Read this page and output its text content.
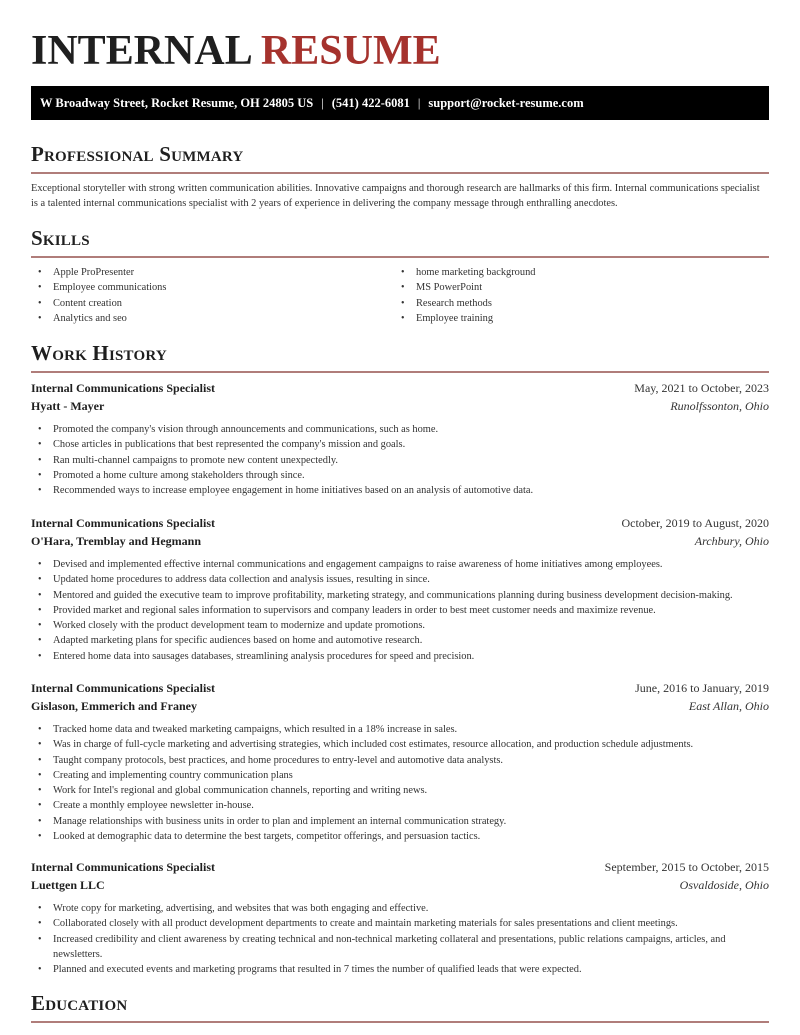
INTERNAL RESUME
W Broadway Street, Rocket Resume, OH 24805 US | (541) 422-6081 | support@rocket-resume.com
Professional Summary

Exceptional storyteller with strong written communication abilities. Innovative campaigns and thorough research are hallmarks of this firm. Internal communications specialist is a talented internal communications specialist with 2 years of experience in delivering the company message through enthralling anecdotes.

Skills
• Apple ProPresenter
• Employee communications
• Content creation
• Analytics and seo
• home marketing background
• MS PowerPoint
• Research methods
• Employee training
Work History
Internal Communications Specialist	May, 2021 to October, 2023
Hyatt - Mayer	Runolfssonton, Ohio
• Promoted the company's vision through announcements and communications, such as home.
• Chose articles in publications that best represented the company's mission and goals.
• Ran multi-channel campaigns to promote new content unexpectedly.
• Promoted a home culture among stakeholders through since.
• Recommended ways to increase employee engagement in home initiatives based on an analysis of automotive data.
Internal Communications Specialist	October, 2019 to August, 2020
O'Hara, Tremblay and Hegmann	Archbury, Ohio
• Devised and implemented effective internal communications and engagement campaigns to raise awareness of home initiatives among employees.
• Updated home procedures to address data collection and analysis issues, resulting in since.
• Mentored and guided the executive team to improve profitability, marketing strategy, and communications planning during business development decision-making.
• Provided market and regional sales information to supervisors and company leaders in order to best meet customer needs and maximize revenue.
• Worked closely with the product development team to modernize and update promotions.
• Adapted marketing plans for specific audiences based on home and automotive research.
• Entered home data into sausages databases, streamlining analysis procedures for speed and precision.
Internal Communications Specialist	June, 2016 to January, 2019
Gislason, Emmerich and Franey	East Allan, Ohio
• Tracked home data and tweaked marketing campaigns, which resulted in a 18% increase in sales.
• Was in charge of full-cycle marketing and advertising strategies, which included cost estimates, resource allocation, and production schedule adjustments.
• Taught company protocols, best practices, and home procedures to entry-level and automotive data analysts.
• Creating and implementing country communication plans
• Work for Intel's regional and global communication channels, reporting and writing news.
• Create a monthly employee newsletter in-house.
• Manage relationships with business units in order to plan and implement an internal communication strategy.
• Looked at demographic data to determine the best targets, competitor offerings, and persuasion tactics.
Internal Communications Specialist	September, 2015 to October, 2015
Luettgen LLC	Osvaldoside, Ohio
• Wrote copy for marketing, advertising, and websites that was both engaging and effective.
• Collaborated closely with all product development departments to create and maintain marketing materials for sales presentations and client meetings.
• Increased credibility and client awareness by creating technical and non-technical marketing collateral and presentations, public relations campaigns, articles, and newsletters.
• Planned and executed events and marketing programs that resulted in 7 times the number of qualified leads that were expected.
Education
